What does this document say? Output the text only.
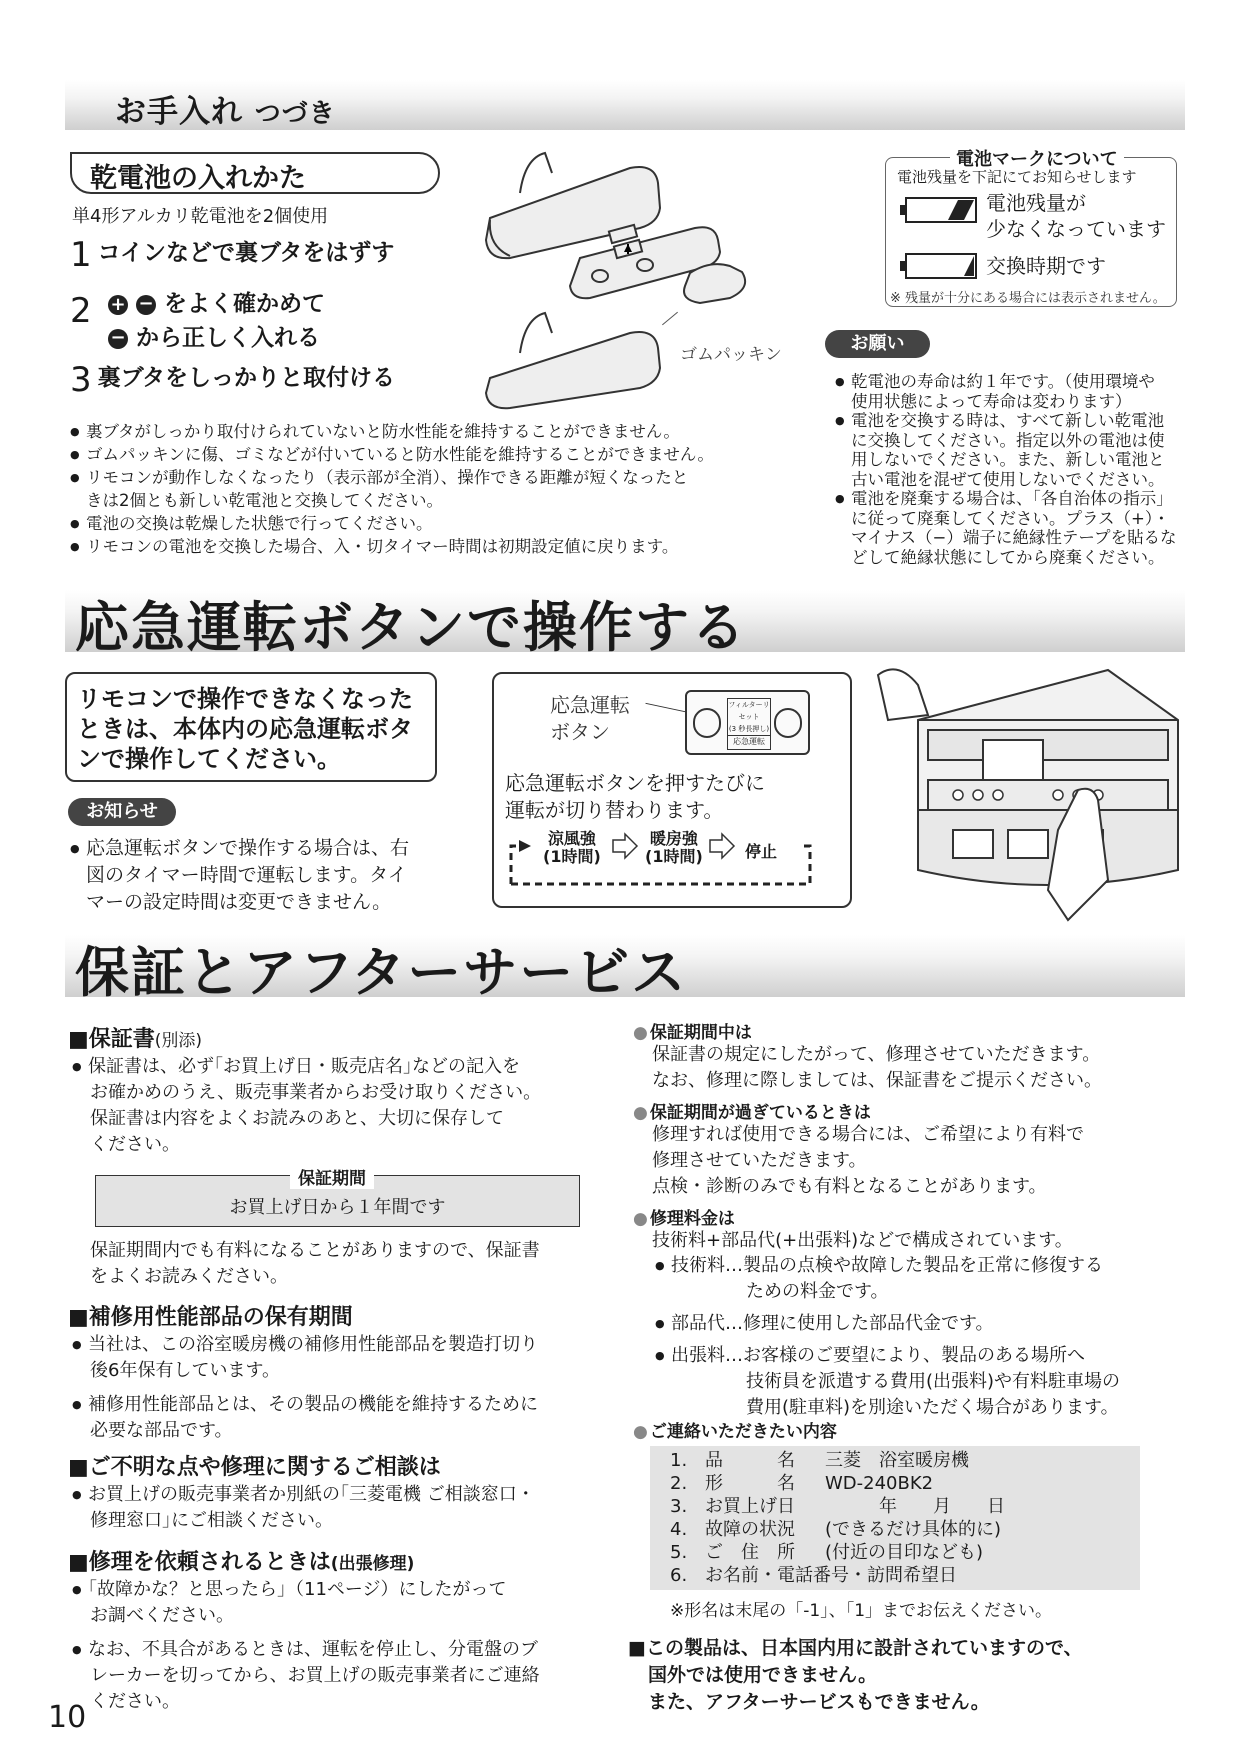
お手入れ つづき
乾電池の入れかた
単4形アルカリ乾電池を2個使用
1 コインなどで裏ブタをはずす
2 + − をよく確かめて
− から正しく入れる
3 裏ブタをしっかりと取付ける
ゴムパッキン
● 裏ブタがしっかり取付けられていないと防水性能を維持することができません。
● ゴムパッキンに傷、ゴミなどが付いていると防水性能を維持することができません。
● リモコンが動作しなくなったり（表示部が全消）、操作できる距離が短くなったと
きは2個とも新しい乾電池と交換してください。
● 電池の交換は乾燥した状態で行ってください。
● リモコンの電池を交換した場合、入・切タイマー時間は初期設定値に戻ります。
電池マークについて
電池残量を下記にてお知らせします
電池残量が
少なくなっています
交換時期です
※ 残量が十分にある場合には表示されません。
お願い
● 乾電池の寿命は約１年です。（使用環境や
使用状態によって寿命は変わります）
● 電池を交換する時は、すべて新しい乾電池
に交換してください。指定以外の電池は使
用しないでください。また、新しい電池と
古い電池を混ぜて使用しないでください。
● 電池を廃棄する場合は、「各自治体の指示」
に従って廃棄してください。プラス（+）・
マイナス（−）端子に絶縁性テープを貼るな
どして絶縁状態にしてから廃棄ください。
応急運転ボタンで操作する
リモコンで操作できなくなった
ときは、本体内の応急運転ボタ
ンで操作してください。
お知らせ
● 応急運転ボタンで操作する場合は、右
図のタイマー時間で運転します。タイ
マーの設定時間は変更できません。
応急運転
ボタン
フィルターリセット
(3 秒長押し)
応急運転
応急運転ボタンを押すたびに
運転が切り替わります。
涼風強
(1時間)
暖房強
(1時間)	停止
保証とアフターサービス
■保証書(別添)
● 保証書は、必ず｢お買上げ日・販売店名｣などの記入を
お確かめのうえ、販売事業者からお受け取りください。
保証書は内容をよくお読みのあと、大切に保存して
ください。
保証期間
お買上げ日から１年間です
保証期間内でも有料になることがありますので、保証書
をよくお読みください。
■補修用性能部品の保有期間
● 当社は、この浴室暖房機の補修用性能部品を製造打切り
後6年保有しています。
● 補修用性能部品とは、その製品の機能を維持するために
必要な部品です。
■ご不明な点や修理に関するご相談は
● お買上げの販売事業者か別紙の｢三菱電機 ご相談窓口・
修理窓口｣にご相談ください。
■修理を依頼されるときは(出張修理)
● ｢故障かな？と思ったら｣（11ページ）にしたがって
お調べください。
● なお、不具合があるときは、運転を停止し、分電盤のブ
レーカーを切ってから、お買上げの販売事業者にご連絡
ください。
10
● 保証期間中は
保証書の規定にしたがって、修理させていただきます。
なお、修理に際しましては、保証書をご提示ください。
● 保証期間が過ぎているときは
修理すれば使用できる場合には、ご希望により有料で
修理させていただきます。
点検・診断のみでも有料となることがあります。
● 修理料金は
技術料+部品代(+出張料)などで構成されています。
● 技術料…製品の点検や故障した製品を正常に修復する
ための料金です。
● 部品代…修理に使用した部品代金です。
● 出張料…お客様のご要望により、製品のある場所へ
技術員を派遣する費用(出張料)や有料駐車場の
費用(駐車料)を別途いただく場合があります。
● ご連絡いただきたい内容
1. 品　　　名	三菱　浴室暖房機
2. 形　　　名	WD-240BK2
3. お買上げ日	　　　年　　月　　日
4. 故障の状況	(できるだけ具体的に)
5. ご　住　所	(付近の目印なども)
6. お名前・電話番号・訪問希望日
※形名は末尾の「-1」、「1」までお伝えください。
■この製品は、日本国内用に設計されていますので、
国外では使用できません。
また、アフターサービスもできません。
